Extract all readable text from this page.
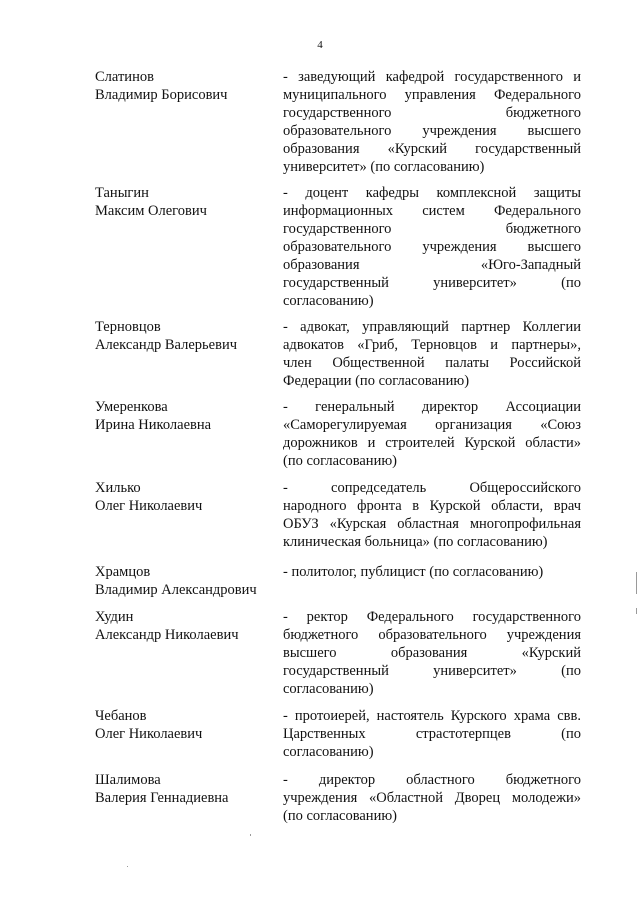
4
Слатинов
Владимир Борисович
- заведующий кафедрой государственного и
муниципального управления Федерального
государственного бюджетного
образовательного учреждения высшего
образования «Курский государственный
университет» (по согласованию)
Таныгин
Максим Олегович
- доцент кафедры комплексной защиты
информационных систем Федерального
государственного бюджетного
образовательного учреждения высшего
образования «Юго-Западный
государственный университет» (по
согласованию)
Терновцов
Александр Валерьевич
- адвокат, управляющий партнер Коллегии
адвокатов «Гриб, Терновцов и партнеры»,
член Общественной палаты Российской
Федерации (по согласованию)
Умеренкова
Ирина Николаевна
- генеральный директор Ассоциации
«Саморегулируемая организация «Союз
дорожников и строителей Курской области»
(по согласованию)
Хилько
Олег Николаевич
- сопредседатель Общероссийского
народного фронта в Курской области, врач
ОБУЗ «Курская областная многопрофильная
клиническая больница» (по согласованию)
Храмцов
Владимир Александрович
- политолог, публицист (по согласованию)
Худин
Александр Николаевич
- ректор Федерального государственного
бюджетного образовательного учреждения
высшего образования «Курский
государственный университет» (по
согласованию)
Чебанов
Олег Николаевич
- протоиерей, настоятель Курского храма свв.
Царственных страстотерпцев (по
согласованию)
Шалимова
Валерия Геннадиевна
- директор областного бюджетного
учреждения «Областной Дворец молодежи»
(по согласованию)
